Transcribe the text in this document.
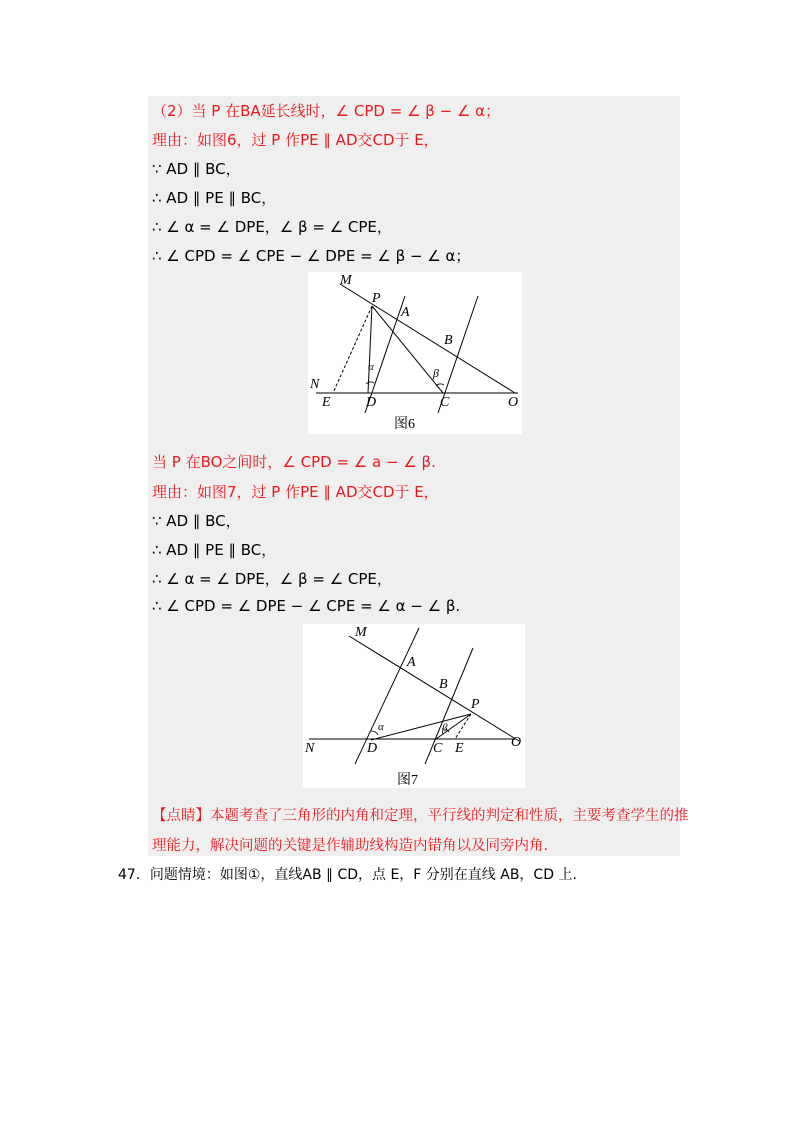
（2）当 P 在BA延长线时，∠ CPD = ∠ β − ∠ α；
理由：如图6，过 P 作PE ∥ AD交CD于 E，
∵ AD ∥ BC，
∴ AD ∥ PE ∥ BC，
∴ ∠ α = ∠ DPE，∠ β = ∠ CPE，
∴ ∠ CPD = ∠ CPE − ∠ DPE = ∠ β − ∠ α；
M
P
A
B
N
E	D	C	O
α	β
图6
当 P 在BO之间时，∠ CPD = ∠ a − ∠ β.
理由：如图7，过 P 作PE ∥ AD交CD于 E，
∵ AD ∥ BC，
∴ AD ∥ PE ∥ BC，
∴ ∠ α = ∠ DPE，∠ β = ∠ CPE，
∴ ∠ CPD = ∠ DPE − ∠ CPE = ∠ α − ∠ β.
M
A
B
P
N	D	C E	O
α	β
图7
【点睛】本题考查了三角形的内角和定理，平行线的判定和性质，主要考查学生的推
理能力，解决问题的关键是作辅助线构造内错角以及同旁内角.
47．问题情境：如图①，直线AB ∥ CD，点 E，F 分别在直线 AB，CD 上.
